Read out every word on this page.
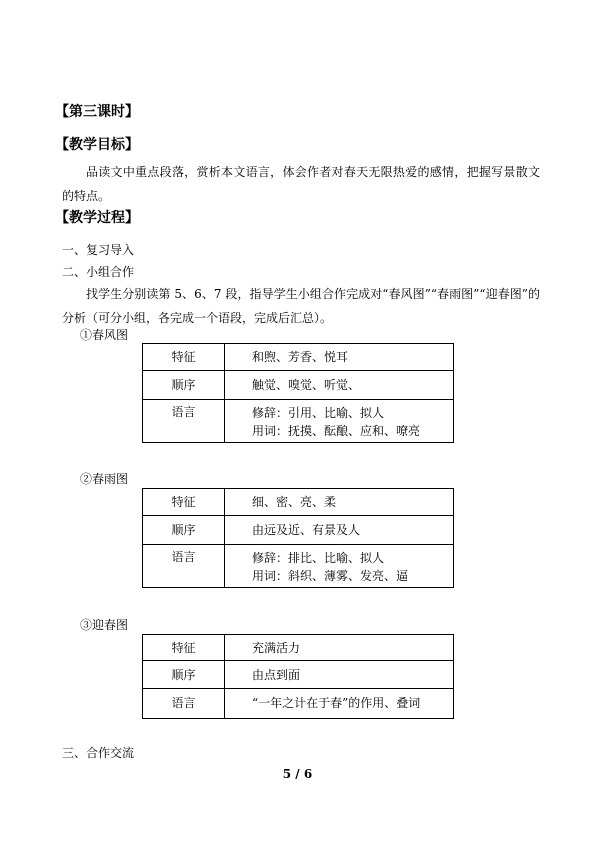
【第三课时】
【教学目标】
品读文中重点段落，赏析本文语言，体会作者对春天无限热爱的感情，把握写景散文的特点。
【教学过程】
一、复习导入
二、小组合作
找学生分别读第 5、6、7 段，指导学生小组合作完成对“春风图”“春雨图”“迎春图”的分析（可分小组，各完成一个语段，完成后汇总）。
①春风图
特征	和煦、芳香、悦耳

顺序	触觉、嗅觉、听觉、

语言	修辞：引用、比喻、拟人
用词：抚摸、酝酿、应和、嘹亮
②春雨图
特征	细、密、亮、柔

顺序	由远及近、有景及人

语言	修辞：排比、比喻、拟人
用词：斜织、薄雾、发亮、逼
③迎春图
特征	充满活力

顺序	由点到面

语言	“一年之计在于春”的作用、叠词
三、合作交流
5 / 6
